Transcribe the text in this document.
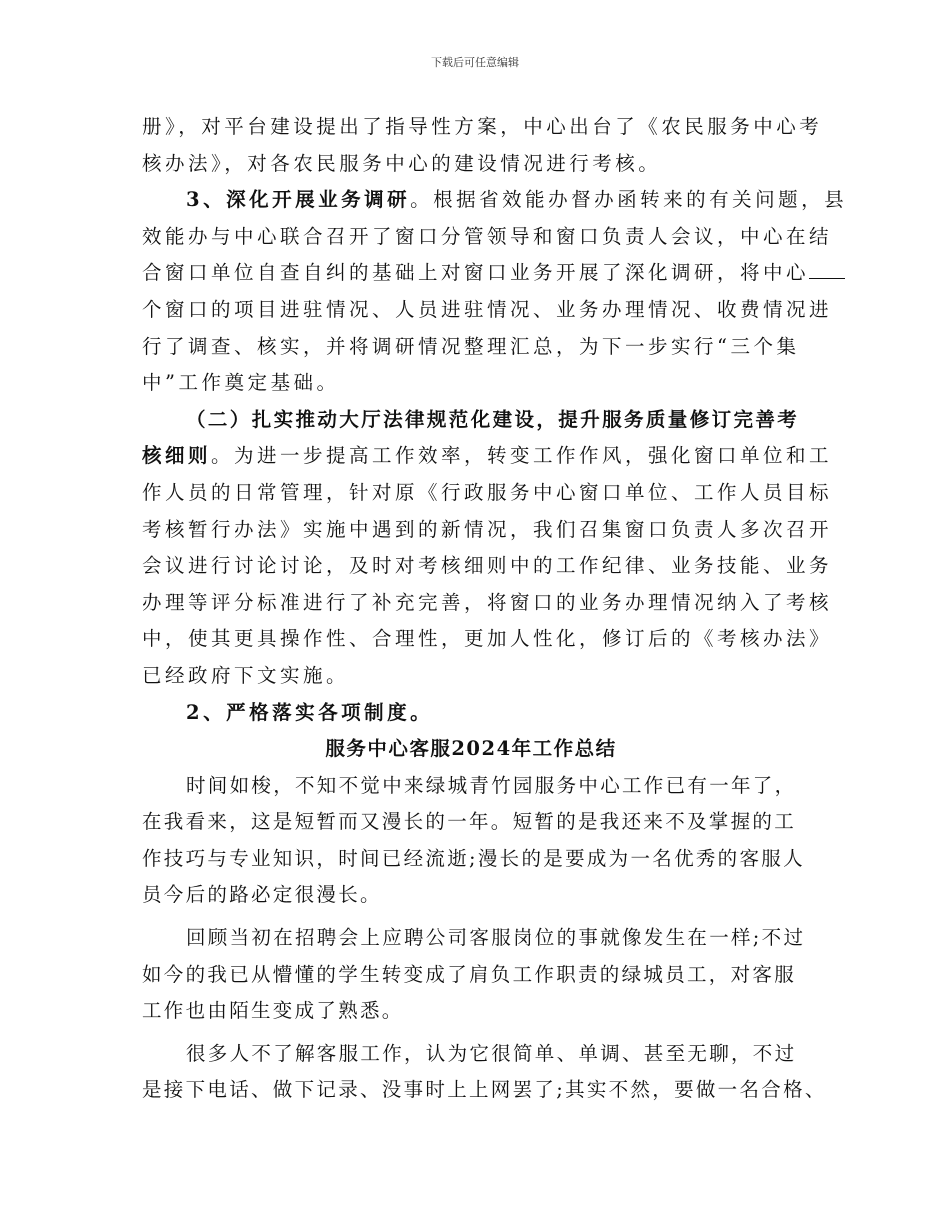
下载后可任意编辑
册》，对平台建设提出了指导性方案，中心出台了《农民服务中心考
核办法》，对各农民服务中心的建设情况进行考核。
3、深化开展业务调研。根据省效能办督办函转来的有关问题，县
效能办与中心联合召开了窗口分管领导和窗口负责人会议，中心在结
合窗口单位自查自纠的基础上对窗口业务开展了深化调研，将中心
个窗口的项目进驻情况、人员进驻情况、业务办理情况、收费情况进
行了调查、核实，并将调研情况整理汇总，为下一步实行“三个集
中”工作奠定基础。
（二）扎实推动大厅法律规范化建设，提升服务质量修订完善考
核细则。为进一步提高工作效率，转变工作作风，强化窗口单位和工
作人员的日常管理，针对原《行政服务中心窗口单位、工作人员目标
考核暂行办法》实施中遇到的新情况，我们召集窗口负责人多次召开
会议进行讨论讨论，及时对考核细则中的工作纪律、业务技能、业务
办理等评分标准进行了补充完善，将窗口的业务办理情况纳入了考核
中，使其更具操作性、合理性，更加人性化，修订后的《考核办法》
已经政府下文实施。
2、严格落实各项制度。
服务中心客服2024年工作总结
时间如梭，不知不觉中来绿城青竹园服务中心工作已有一年了，
在我看来，这是短暂而又漫长的一年。短暂的是我还来不及掌握的工
作技巧与专业知识，时间已经流逝;漫长的是要成为一名优秀的客服人
员今后的路必定很漫长。
回顾当初在招聘会上应聘公司客服岗位的事就像发生在一样;不过
如今的我已从懵懂的学生转变成了肩负工作职责的绿城员工，对客服
工作也由陌生变成了熟悉。
很多人不了解客服工作，认为它很简单、单调、甚至无聊，不过
是接下电话、做下记录、没事时上上网罢了;其实不然，要做一名合格、
